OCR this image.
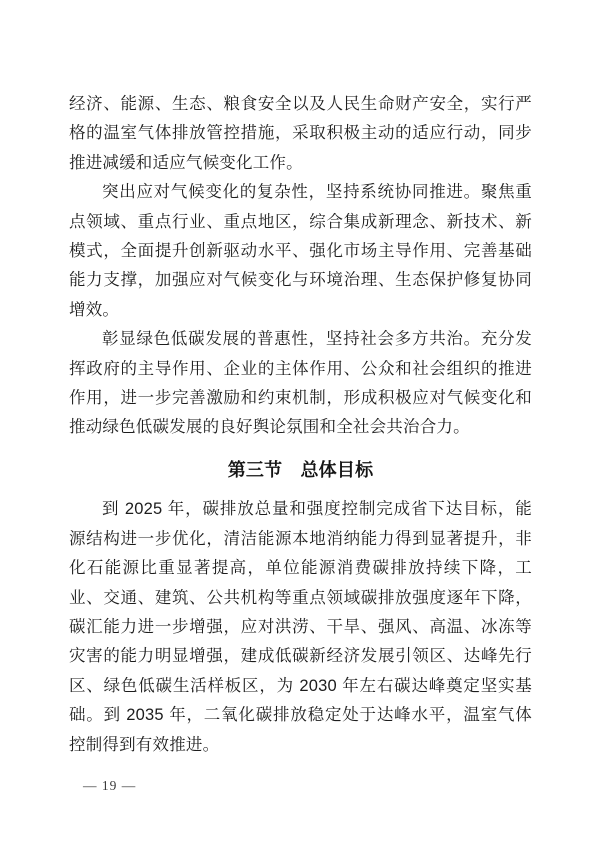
经济、能源、生态、粮食安全以及人民生命财产安全，实行严格的温室气体排放管控措施，采取积极主动的适应行动，同步推进减缓和适应气候变化工作。

突出应对气候变化的复杂性，坚持系统协同推进。聚焦重点领域、重点行业、重点地区，综合集成新理念、新技术、新模式，全面提升创新驱动水平、强化市场主导作用、完善基础能力支撑，加强应对气候变化与环境治理、生态保护修复协同增效。

彰显绿色低碳发展的普惠性，坚持社会多方共治。充分发挥政府的主导作用、企业的主体作用、公众和社会组织的推进作用，进一步完善激励和约束机制，形成积极应对气候变化和推动绿色低碳发展的良好舆论氛围和全社会共治合力。

第三节　总体目标

到 2025 年，碳排放总量和强度控制完成省下达目标，能源结构进一步优化，清洁能源本地消纳能力得到显著提升，非化石能源比重显著提高，单位能源消费碳排放持续下降，工业、交通、建筑、公共机构等重点领域碳排放强度逐年下降，碳汇能力进一步增强，应对洪涝、干旱、强风、高温、冰冻等灾害的能力明显增强，建成低碳新经济发展引领区、达峰先行区、绿色低碳生活样板区，为 2030 年左右碳达峰奠定坚实基础。到 2035 年，二氧化碳排放稳定处于达峰水平，温室气体控制得到有效推进。

— 19 —
